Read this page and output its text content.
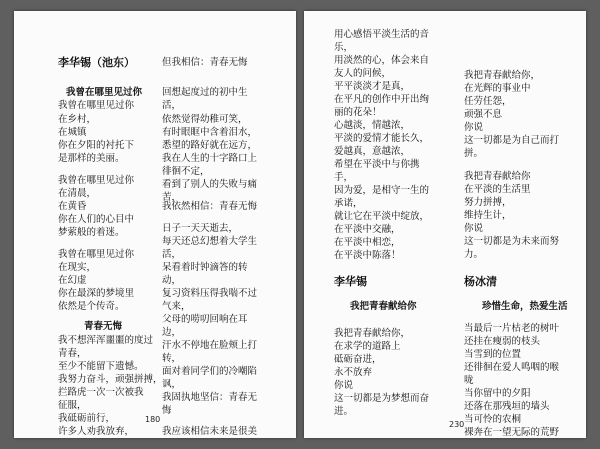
李华锡（池东）
我曾在哪里见过你
我曾在哪里见过你
在乡村，
在城镇
你在夕阳的衬托下
是那样的美丽。
我曾在哪里见过你
在清晨，
在黄昏
你在人们的心目中
梦萦般的着迷。
我曾在哪里见过你
在现实，
在幻虚
你在最深的梦境里
依然是个传奇。
青春无悔
我不想浑浑噩噩的度过
青春，
至少不能留下遗憾。
我努力奋斗，顽强拼搏，
拦路虎一次一次被我
征服，
我砥砺前行，
许多人劝我放弃，
但我相信：青春无悔
回想起度过的初中生
活，
依然觉得幼稚可笑，
有时眼眶中含着泪水，
悉望的路好就在远方，
我在人生的十字路口上
徘徊不定，
看到了别人的失败与痛
苦，
我依然相信：青春无悔
日子一天天逝去，
每天还总幻想着大学生
活，
呆看着时钟滴答的转
动，
复习资料压得我喘不过
气来，
父母的唠叨回响在耳
边，
汗水不停地在脸颊上打
转，
面对着同学们的冷嘲陷
讽，
我固执地坚信：青春无
悔
我应该相信未来是很美
180
用心感悟平淡生活的音
乐，
用淡然的心，体会来自
友人的问候，
平平淡淡才是真，
在平凡的创作中开出绚
丽的花朵！
心越淡，情越浓，
平淡的爱情才能长久，
爱越真，意越浓，
希望在平淡中与你携
手，
因为爱，是相守一生的
承诺，
就让它在平淡中绽放，
在平淡中交融，
在平淡中相恋，
在平淡中陈落！
李华锡
我把青春献给你
我把青春献给你，
在求学的道路上
砥砺奋进，
永不放弃
你说
这一切都是为梦想而奋
进。
我把青春献给你，
在光辉的事业中
任劳任怨，
顽强不息
你说
这一切都是为自己而打
拼。
我把青春献给你
在平淡的生活里
努力拼搏，
维持生计，
你说
这一切都是为未来而努
力。
杨冰清
珍惜生命，热爱生活
当最后一片枯老的树叶
还挂在瘦弱的枝头
当雪到的位置
还徘徊在爱人鸣咽的喉
咙
当你留中的夕阳
还落在那残垣的墙头
当可怜的农桐
裸奔在一望无际的荒野
230
